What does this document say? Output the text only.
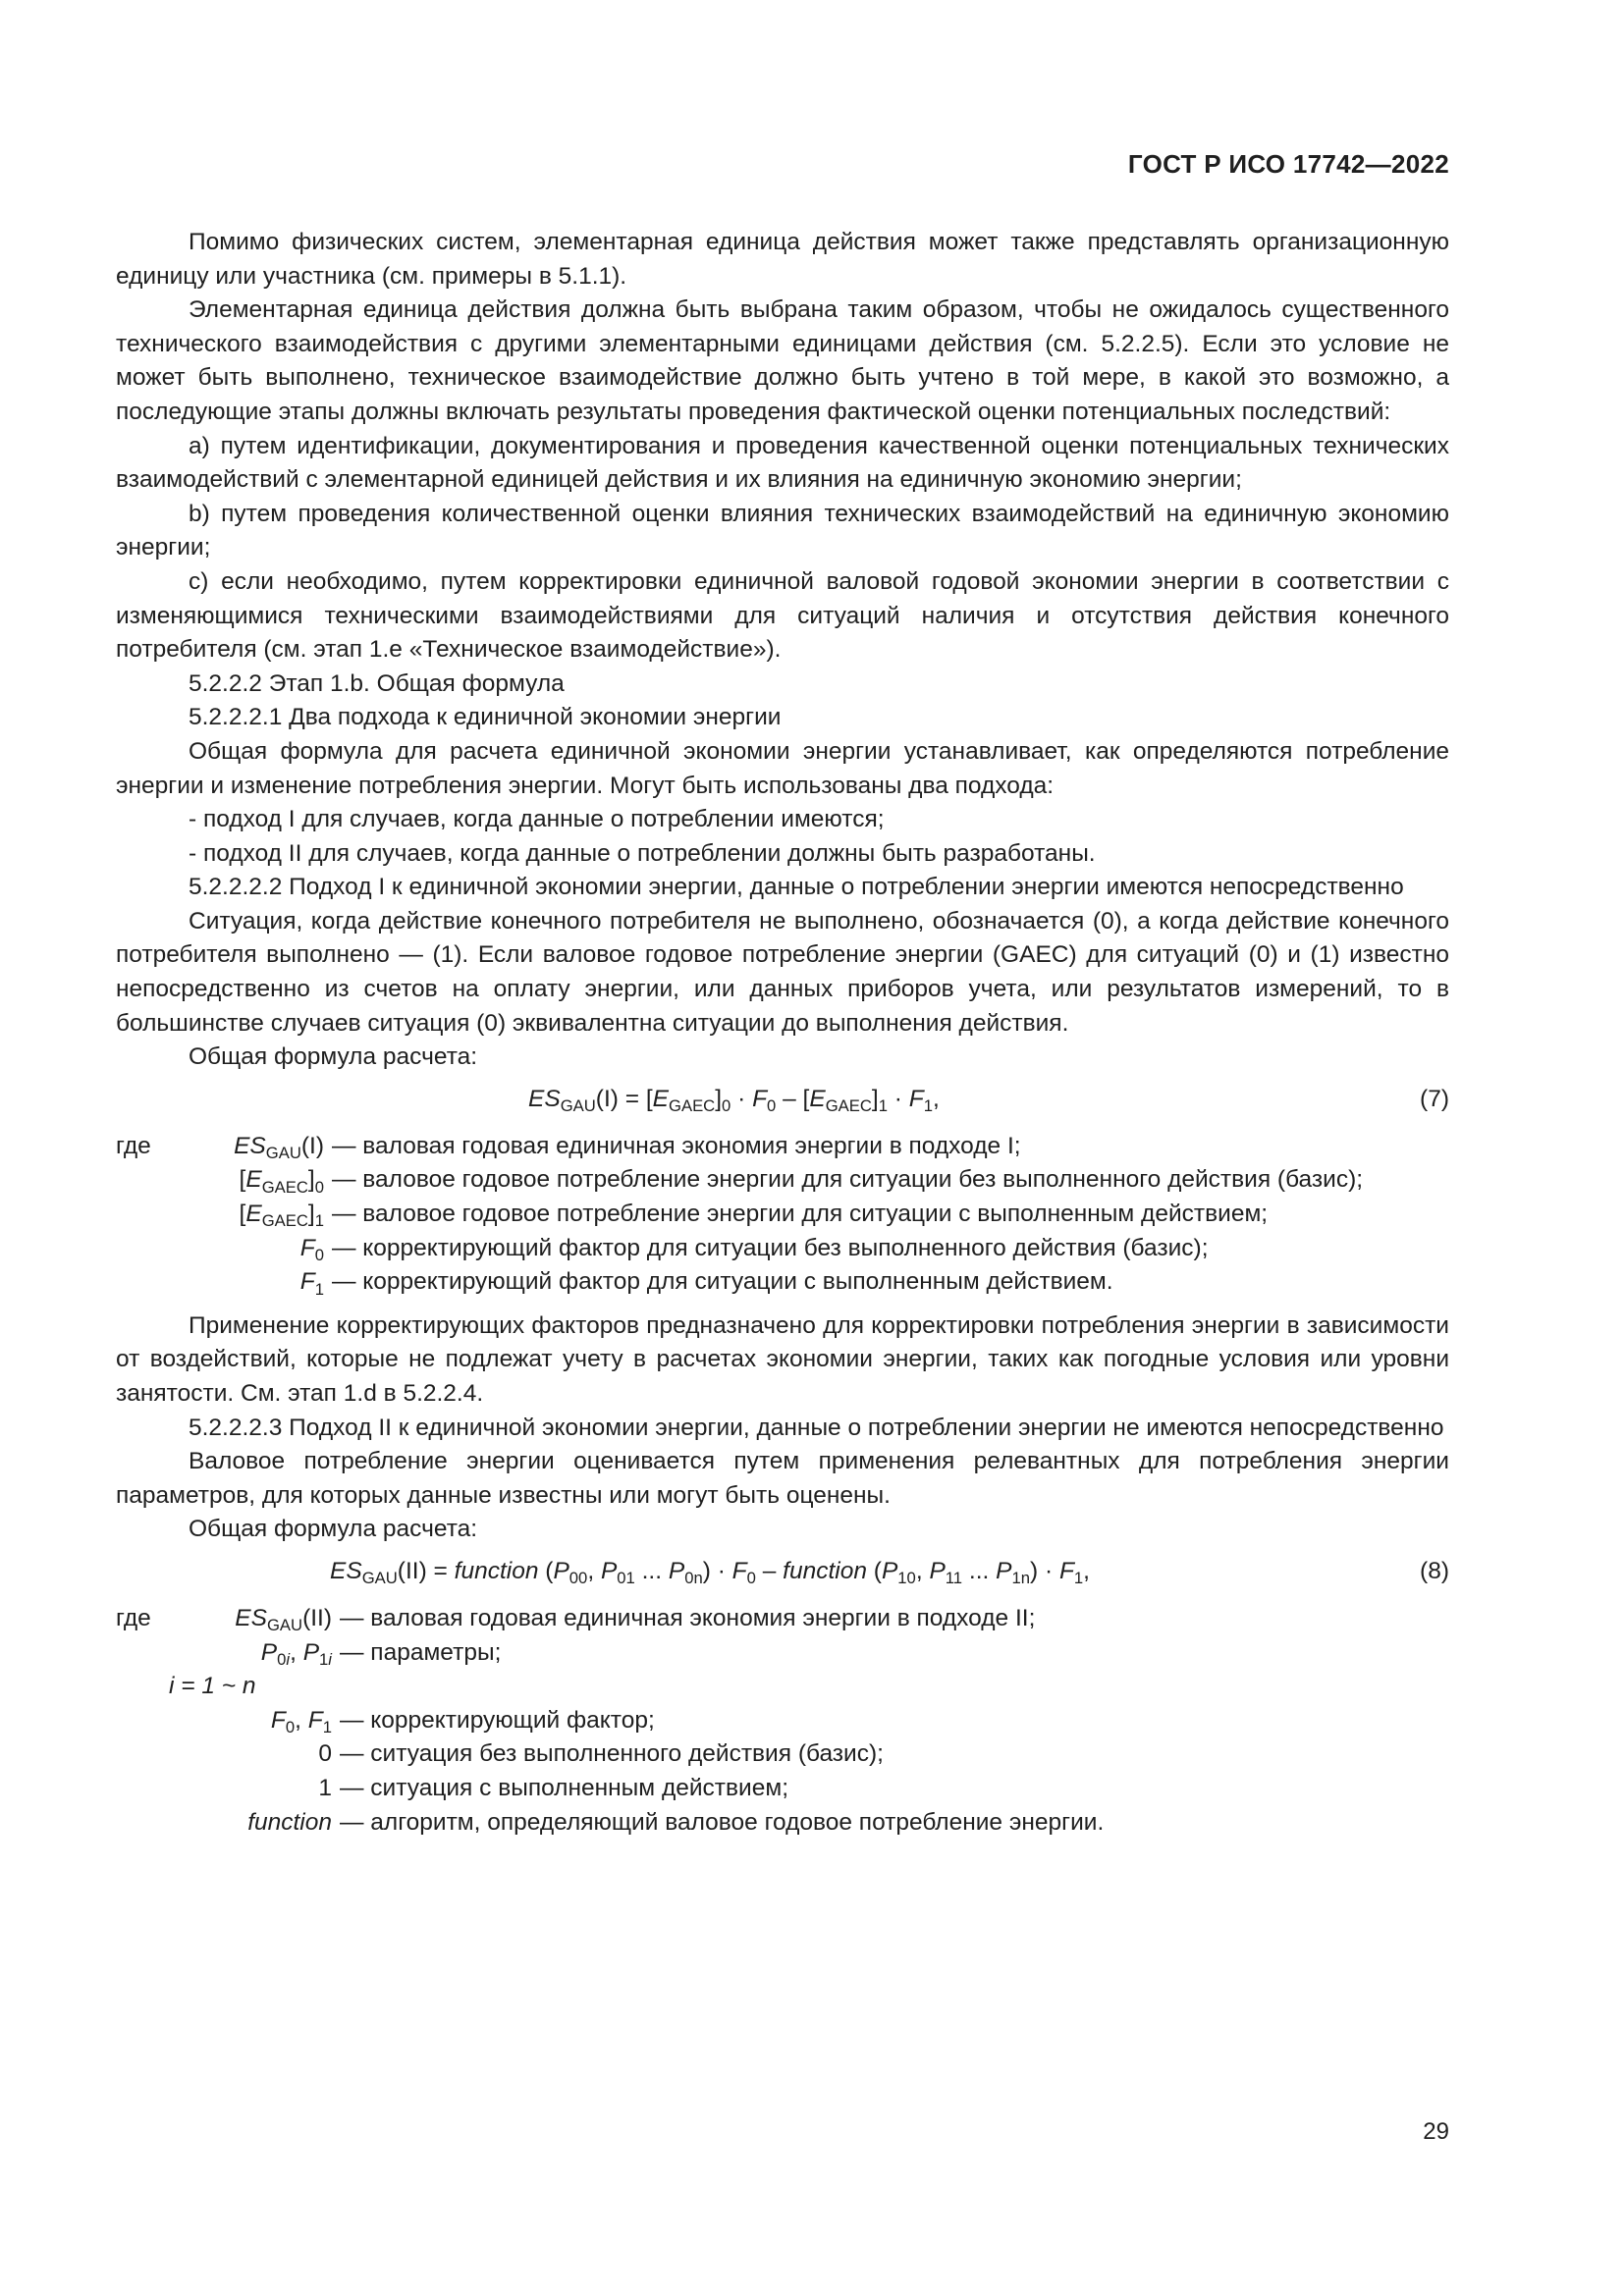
ГОСТ Р ИСО 17742—2022

Помимо физических систем, элементарная единица действия может также представлять организационную единицу или участника (см. примеры в 5.1.1).

Элементарная единица действия должна быть выбрана таким образом, чтобы не ожидалось существенного технического взаимодействия с другими элементарными единицами действия (см. 5.2.2.5). Если это условие не может быть выполнено, техническое взаимодействие должно быть учтено в той мере, в какой это возможно, а последующие этапы должны включать результаты проведения фактической оценки потенциальных последствий:

а) путем идентификации, документирования и проведения качественной оценки потенциальных технических взаимодействий с элементарной единицей действия и их влияния на единичную экономию энергии;

b) путем проведения количественной оценки влияния технических взаимодействий на единичную экономию энергии;

c) если необходимо, путем корректировки единичной валовой годовой экономии энергии в соответствии с изменяющимися техническими взаимодействиями для ситуаций наличия и отсутствия действия конечного потребителя (см. этап 1.e «Техническое взаимодействие»).

5.2.2.2 Этап 1.b. Общая формула

5.2.2.2.1 Два подхода к единичной экономии энергии

Общая формула для расчета единичной экономии энергии устанавливает, как определяются потребление энергии и изменение потребления энергии. Могут быть использованы два подхода:

- подход I для случаев, когда данные о потреблении имеются;

- подход II для случаев, когда данные о потреблении должны быть разработаны.

5.2.2.2.2 Подход I к единичной экономии энергии, данные о потреблении энергии имеются непосредственно

Ситуация, когда действие конечного потребителя не выполнено, обозначается (0), а когда действие конечного потребителя выполнено — (1). Если валовое годовое потребление энергии (GAEC) для ситуаций (0) и (1) известно непосредственно из счетов на оплату энергии, или данных приборов учета, или результатов измерений, то в большинстве случаев ситуация (0) эквивалентна ситуации до выполнения действия.

Общая формула расчета:

$ES_{GAU}(I) = [E_{GAEC}]_0 \cdot F_0 - [E_{GAEC}]_1 \cdot F_1$,	(7)
где	$ES_{GAU}(I)$ — валовая годовая единичная экономия энергии в подходе I;
$[E_{GAEC}]_0$ — валовое годовое потребление энергии для ситуации без выполненного действия (базис);
$[E_{GAEC}]_1$ — валовое годовое потребление энергии для ситуации с выполненным действием;
$F_0$ — корректирующий фактор для ситуации без выполненного действия (базис);
$F_1$ — корректирующий фактор для ситуации с выполненным действием.

Применение корректирующих факторов предназначено для корректировки потребления энергии в зависимости от воздействий, которые не подлежат учету в расчетах экономии энергии, таких как погодные условия или уровни занятости. См. этап 1.d в 5.2.2.4.

5.2.2.2.3 Подход II к единичной экономии энергии, данные о потреблении энергии не имеются непосредственно

Валовое потребление энергии оценивается путем применения релевантных для потребления энергии параметров, для которых данные известны или могут быть оценены.

Общая формула расчета:

$ES_{GAU}(II)$ = function ($P_{00}$, $P_{01}$ ... $P_{0n}) \cdot F_0$ – function ($P_{10}$, $P_{11}$ ... $P_{1n}) \cdot F_1$,	(8)
где	$ES_{GAU}(II)$ — валовая годовая единичная экономия энергии в подходе II;
$P_{0i}$, $P_{1i}$ — параметры;
i = 1 ~ n
$F_0$, $F_1$ — корректирующий фактор;
0 — ситуация без выполненного действия (базис);
1 — ситуация с выполненным действием;
function — алгоритм, определяющий валовое годовое потребление энергии.
29
